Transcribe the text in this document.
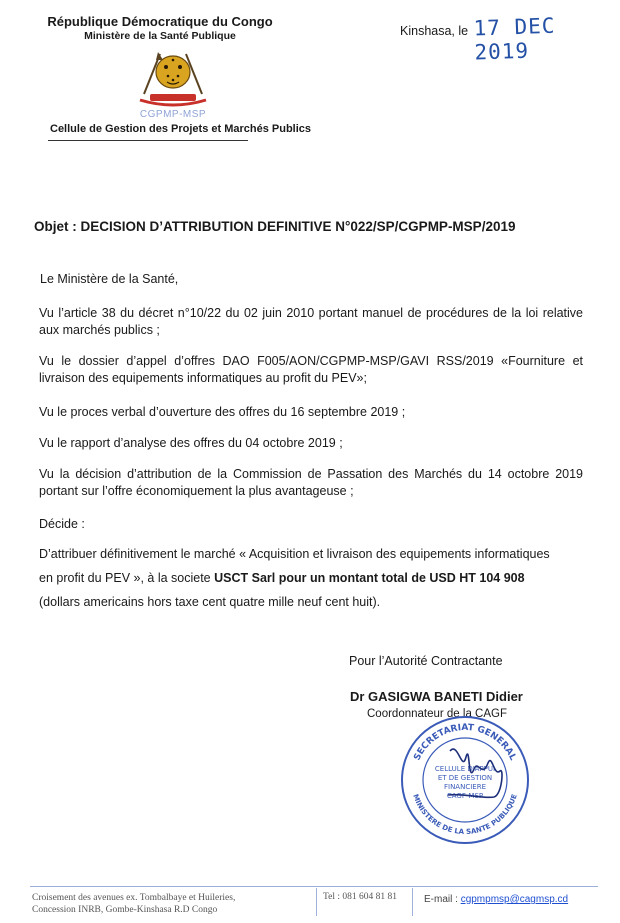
République Démocratique du Congo
Ministère de la Santé Publique	Kinshasa, le 17 DEC 2019
CGPMP-MSP
Cellule de Gestion des Projets et Marchés Publics
Objet : DECISION D’ATTRIBUTION DEFINITIVE N°022/SP/CGPMP-MSP/2019
Le Ministère de la Santé,
Vu l’article 38 du décret n°10/22 du 02 juin 2010 portant manuel de procédures de la loi relative aux marchés publics ;
Vu le dossier d’appel d’offres DAO F005/AON/CGPMP-MSP/GAVI RSS/2019 «Fourniture et livraison des equipements informatiques au profit du PEV»;
Vu le proces verbal d’ouverture des offres du 16 septembre 2019 ;
Vu le rapport d’analyse des offres du 04 octobre 2019 ;
Vu la décision d’attribution de la Commission de Passation des Marchés du 14 octobre 2019 portant sur l’offre économiquement la plus avantageuse ;
Décide :
D’attribuer définitivement le marché « Acquisition et livraison des equipements informatiques
en profit du PEV », à la societe USCT Sarl pour un montant total de USD HT 104 908
(dollars americains hors taxe cent quatre mille neuf cent huit).
Pour l’Autorité Contractante
Dr GASIGWA BANETI Didier
Coordonnateur de la CAGF
SECRETARIAT GENERAL
MINISTERE DE LA SANTE PUBLIQUE
CELLULE D'APPUI
ET DE GESTION
FINANCIERE
CAGF-MSP
Croisement des avenues ex. Tombalbaye et Huileries,
Concession INRB, Gombe-Kinshasa R.D Congo
Tel : 081 604 81 81	E-mail : cgpmpmsp@cagmsp.cd
